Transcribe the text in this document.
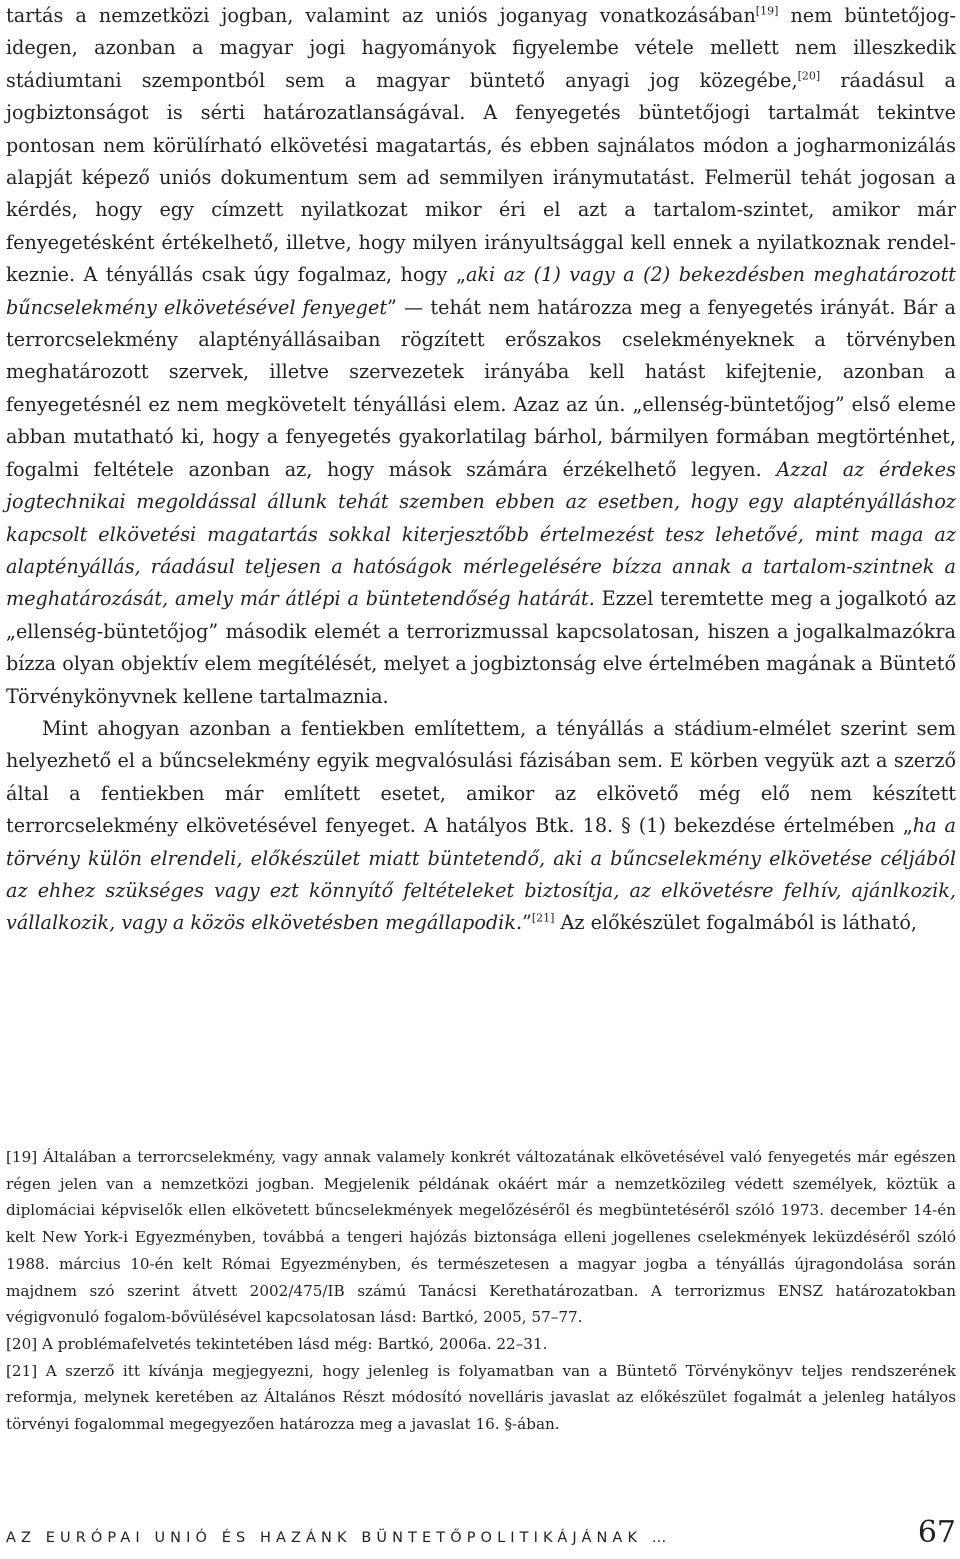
tartás a nemzetközi jogban, valamint az uniós joganyag vonatkozásában[19] nem büntetőjog-idegen, azonban a magyar jogi hagyományok figyelembe vétele mellett nem illeszkedik stádiumtani szempontból sem a magyar büntető anyagi jog közegébe,[20] ráadásul a jogbiztonságot is sérti határozatlanságával. A fenyegetés büntetőjogi tartalmát tekintve pontosan nem körülírható elkövetési magatartás, és ebben sajnálatos módon a jogharmonizálás alapját képező uniós dokumentum sem ad semmilyen iránymutatást. Felmerül tehát jogosan a kérdés, hogy egy címzett nyilatkozat mikor éri el azt a tartalom-szintet, amikor már fenyegetésként értékelhető, illetve, hogy milyen irányultsággal kell ennek a nyilatkoznak rendelkeznie. A tényállás csak úgy fogalmaz, hogy „aki az (1) vagy a (2) bekezdésben meghatározott bűncselekmény elkövetésével fenyeget” — tehát nem határozza meg a fenyegetés irányát. Bár a terrorcselekmény alaptényállásaiban rögzített erőszakos cselekményeknek a törvényben meghatározott szervek, illetve szervezetek irányába kell hatást kifejtenie, azonban a fenyegetésnél ez nem megkövetelt tényállási elem. Azaz az ún. „ellenség-büntetőjog” első eleme abban mutatható ki, hogy a fenyegetés gyakorlatilag bárhol, bármilyen formában megtörténhet, fogalmi feltétele azonban az, hogy mások számára érzékelhető legyen. Azzal az érdekes jogtechnikai megoldással állunk tehát szemben ebben az esetben, hogy egy alaptényálláshoz kapcsolt elkövetési magatartás sokkal kiterjesztőbb értelmezést tesz lehetővé, mint maga az alaptényállás, ráadásul teljesen a hatóságok mérlegelésére bízza annak a tartalom-szintnek a meghatározását, amely már átlépi a büntetendőség határát. Ezzel teremtette meg a jogalkotó az „ellenség-büntetőjog” második elemét a terrorizmussal kapcsolatosan, hiszen a jogalkalmazókra bízza olyan objektív elem megítélését, melyet a jogbiztonság elve értelmében magának a Büntető Törvénykönyvnek kellene tartalmaznia.

Mint ahogyan azonban a fentiekben említettem, a tényállás a stádium-elmélet szerint sem helyezhető el a bűncselekmény egyik megvalósulási fázisában sem. E körben vegyük azt a szerző által a fentiekben már említett esetet, amikor az elkövető még elő nem készített terrorcselekmény elkövetésével fenyeget. A hatályos Btk. 18. § (1) bekezdése értelmében „ha a törvény külön elrendeli, előkészület miatt büntetendő, aki a bűncselekmény elkövetése céljából az ehhez szükséges vagy ezt könnyítő feltételeket biztosítja, az elkövetésre felhív, ajánlkozik, vállalkozik, vagy a közös elkövetésben megállapodik.”[21] Az előkészület fogalmából is látható,

[19] Általában a terrorcselekmény, vagy annak valamely konkrét változatának elkövetésével való fenyegetés már egészen régen jelen van a nemzetközi jogban. Megjelenik példának okáért már a nemzetközileg védett személyek, köztük a diplomáciai képviselők ellen elkövetett bűncselekmények megelőzéséről és megbüntetéséről szóló 1973. december 14-én kelt New York-i Egyezményben, továbbá a tengeri hajózás biztonsága elleni jogellenes cselekmények leküzdéséről szóló 1988. március 10-én kelt Római Egyezményben, és természetesen a magyar jogba a tényállás újragondolása során majdnem szó szerint átvett 2002/475/IB számú Tanácsi Kerethatározatban. A terrorizmus ENSZ határozatokban végigvonuló fogalom-bővülésével kapcsolatosan lásd: Bartkó, 2005, 57–77.

[20] A problémafelvetés tekintetében lásd még: Bartkó, 2006a. 22–31.

[21] A szerző itt kívánja megjegyezni, hogy jelenleg is folyamatban van a Büntető Törvénykönyv teljes rendszerének reformja, melynek keretében az Általános Részt módosító novelláris javaslat az előkészület fogalmát a jelenleg hatályos törvényi fogalommal megegyezően határozza meg a javaslat 16. §-ában.

AZ EURÓPAI UNIÓ ÉS HAZÁNK BÜNTETŐPOLITIKÁJÁNAK …	67
